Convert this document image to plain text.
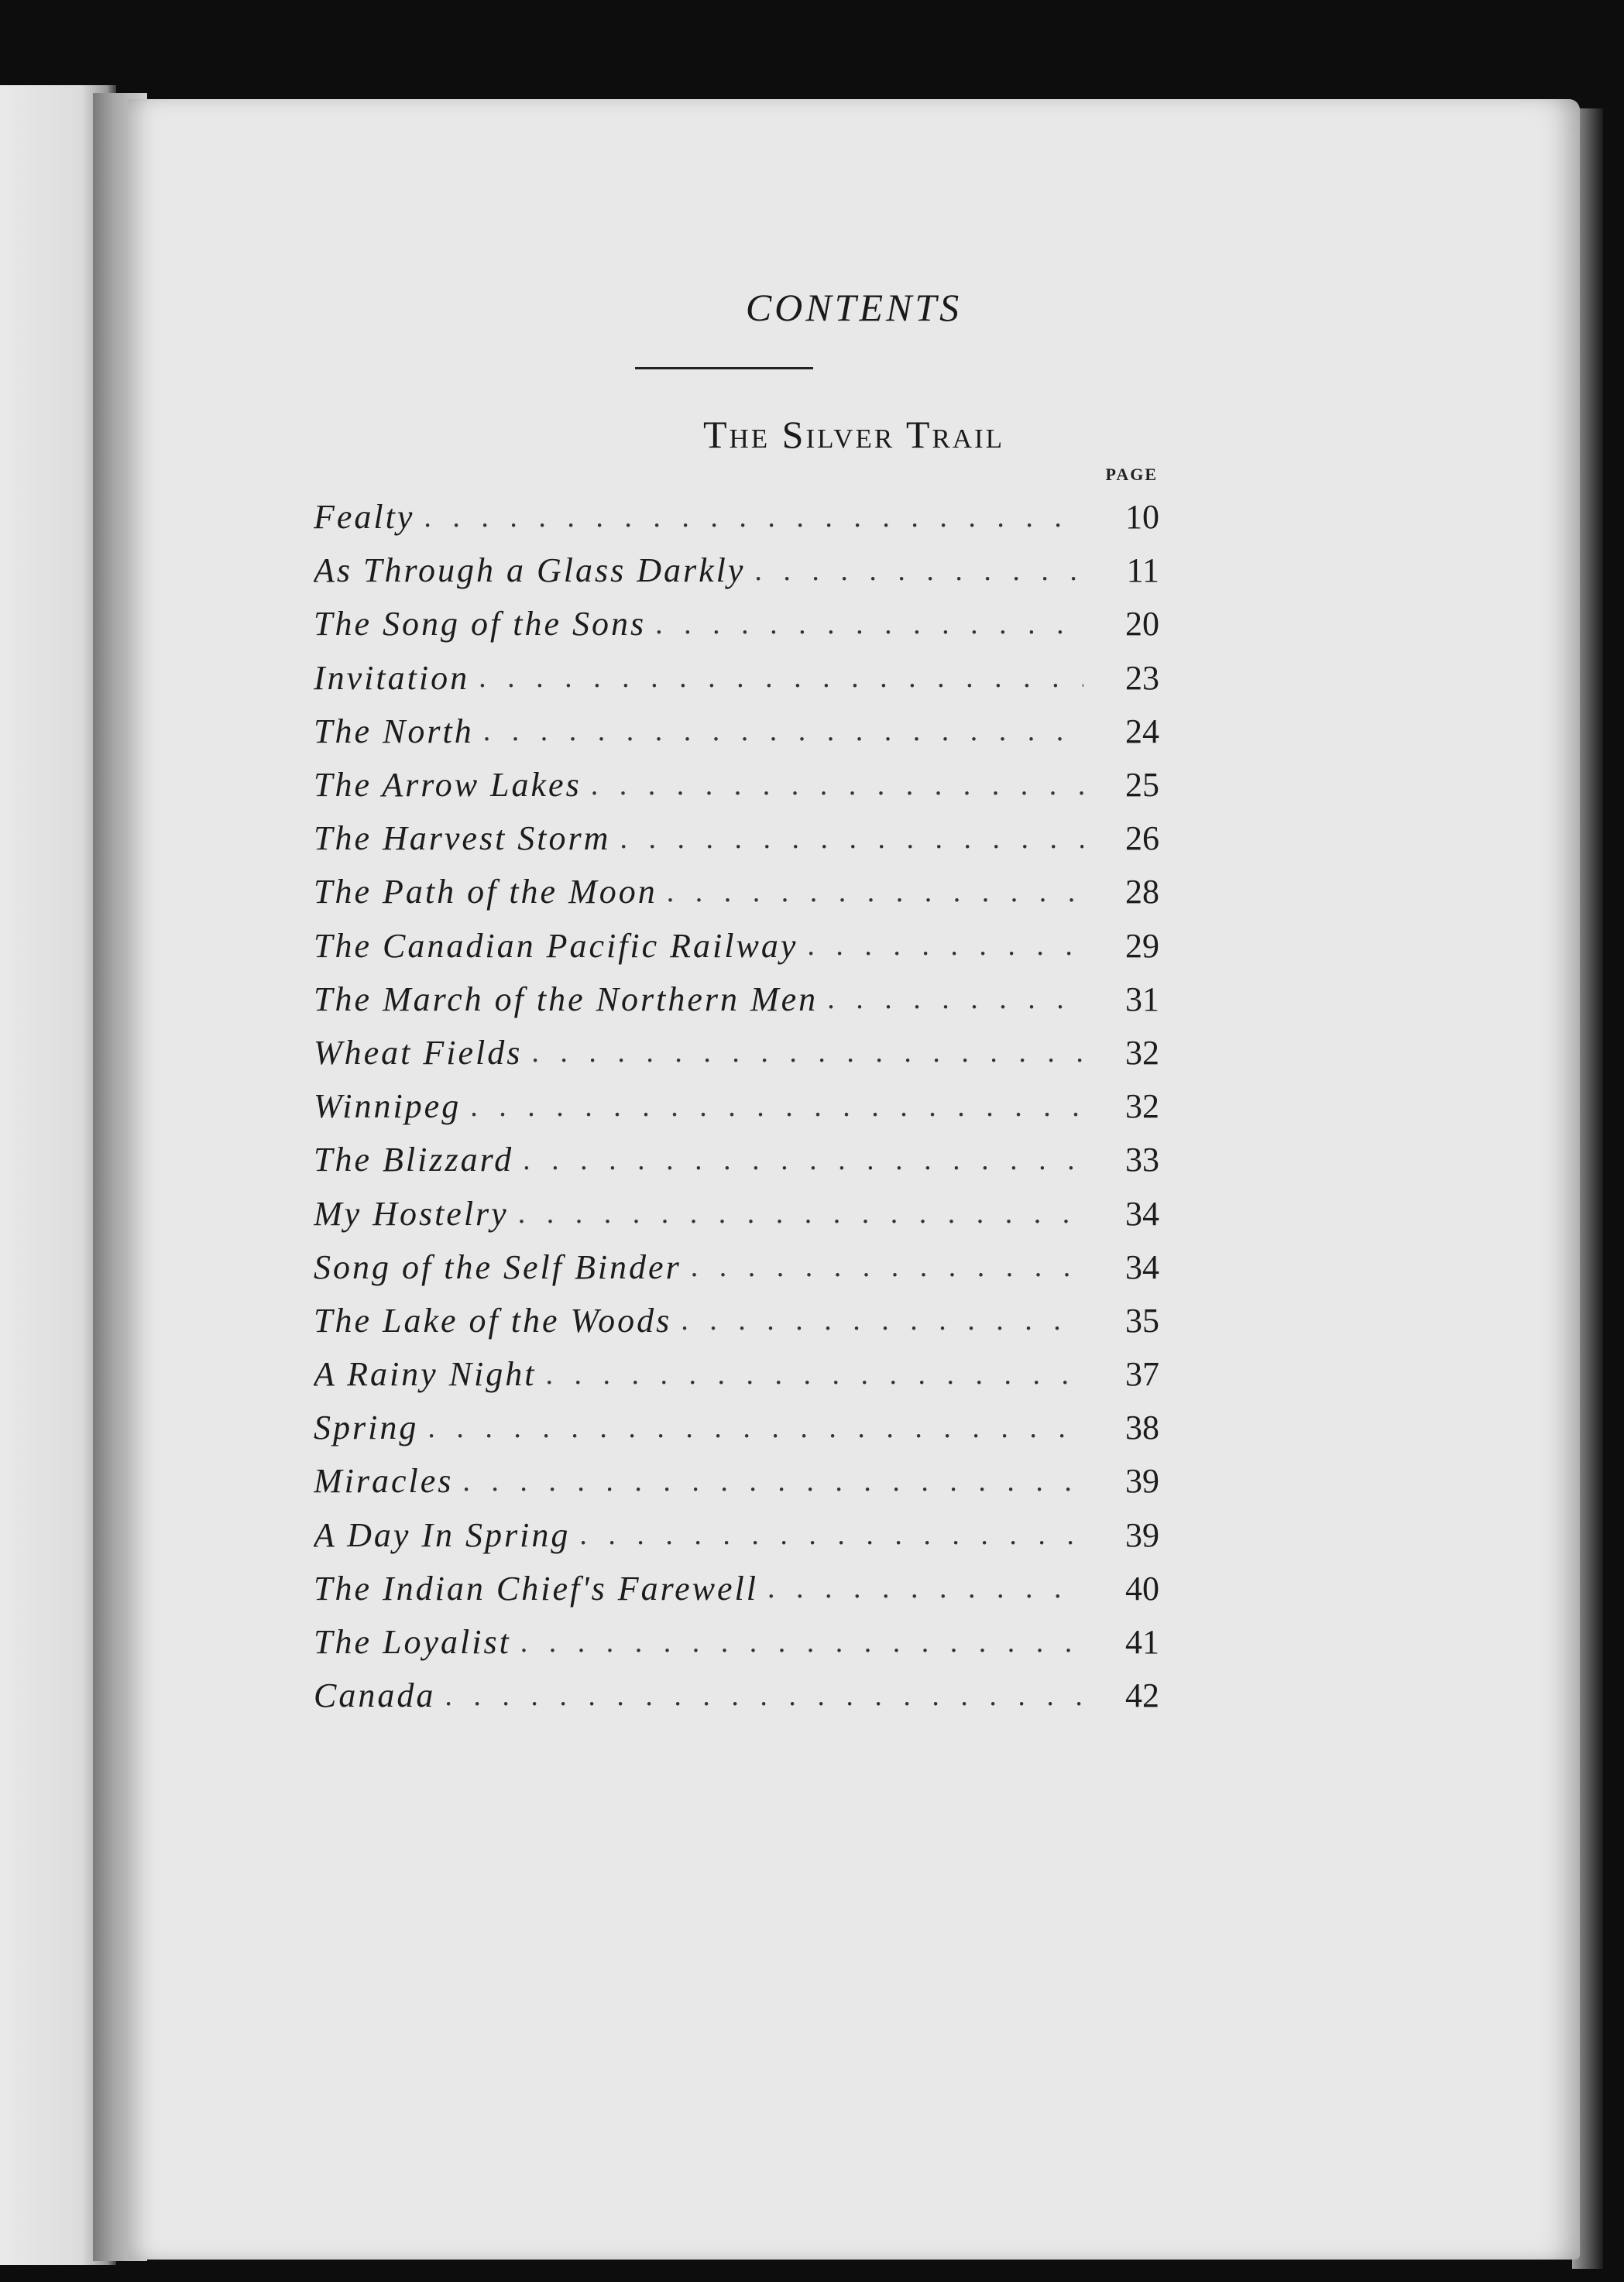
CONTENTS
The Silver Trail
PAGE
Fealty . . .	10
As Through a Glass Darkly . . .	11
The Song of the Sons . . .	20
Invitation . . .	23
The North . . .	24
The Arrow Lakes . . .	25
The Harvest Storm . . .	26
The Path of the Moon . . .	28
The Canadian Pacific Railway . . .	29
The March of the Northern Men . . .	31
Wheat Fields . . .	32
Winnipeg . . .	32
The Blizzard . . .	33
My Hostelry . . .	34
Song of the Self Binder . . .	34
The Lake of the Woods . . .	35
A Rainy Night . . .	37
Spring . . .	38
Miracles . . .	39
A Day In Spring . . .	39
The Indian Chief's Farewell . . .	40
The Loyalist . . .	41
Canada . . .	42
